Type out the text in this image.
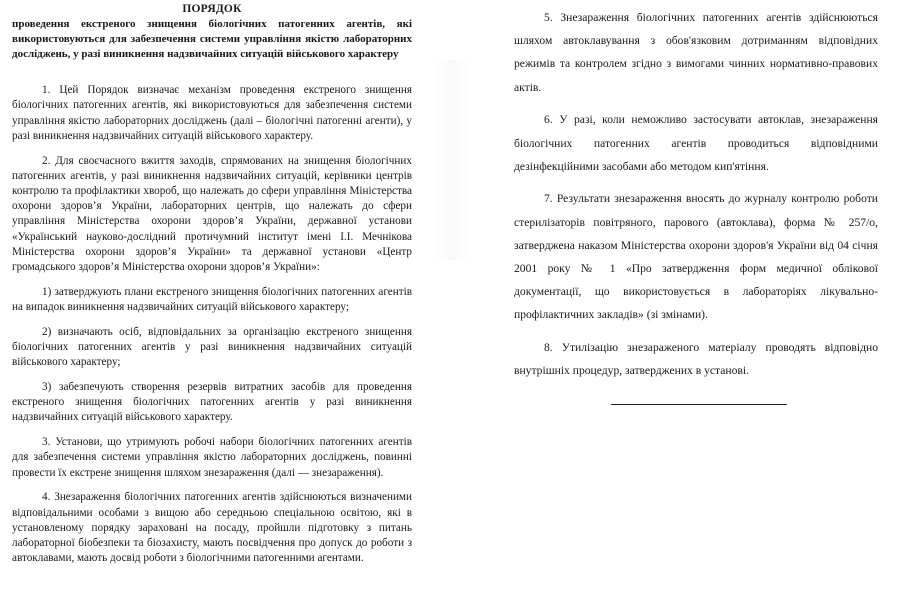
ПОРЯДОК

проведення екстреного знищення біологічних патогенних агентів, які використовуються для забезпечення системи управління якістю лабораторних досліджень, у разі виникнення надзвичайних ситуацій військового характеру

1. Цей Порядок визначає механізм проведення екстреного знищення біологічних патогенних агентів, які використовуються для забезпечення системи управління якістю лабораторних досліджень (далі – біологічні патогенні агенти), у разі виникнення надзвичайних ситуацій військового характеру.

2. Для своєчасного вжиття заходів, спрямованих на знищення біологічних патогенних агентів, у разі виникнення надзвичайних ситуацій, керівники центрів контролю та профілактики хвороб, що належать до сфери управління Міністерства охорони здоров’я України, лабораторних центрів, що належать до сфери управління Міністерства охорони здоров’я України, державної установи «Український науково-дослідний протичумний інститут імені І.І. Мечнікова Міністерства охорони здоров’я України» та державної установи «Центр громадського здоров’я Міністерства охорони здоров’я України»:

1) затверджують плани екстреного знищення біологічних патогенних агентів на випадок виникнення надзвичайних ситуацій військового характеру;

2) визначають осіб, відповідальних за організацію екстреного знищення біологічних патогенних агентів у разі виникнення надзвичайних ситуацій військового характеру;

3) забезпечують створення резервів витратних засобів для проведення екстреного знищення біологічних патогенних агентів у разі виникнення надзвичайних ситуацій військового характеру.

3. Установи, що утримують робочі набори біологічних патогенних агентів для забезпечення системи управління якістю лабораторних досліджень, повинні провести їх екстрене знищення шляхом знезараження (далі — знезараження).

4. Знезараження біологічних патогенних агентів здійснюються визначеними відповідальними особами з вищою або середньою спеціальною освітою, які в установленому порядку зараховані на посаду, пройшли підготовку з питань лабораторної біобезпеки та біозахисту, мають посвідчення про допуск до роботи з автоклавами, мають досвід роботи з біологічними патогенними агентами.

5. Знезараження біологічних патогенних агентів здійснюються шляхом автоклавування з обов'язковим дотриманням відповідних режимів та контролем згідно з вимогами чинних нормативно-правових актів.

6. У разі, коли неможливо застосувати автоклав, знезараження біологічних патогенних агентів проводиться відповідними дезінфекційними засобами або методом кип'ятіння.

7. Результати знезараження вносять до журналу контролю роботи стерилізаторів повітряного, парового (автоклава), форма № 257/о, затверджена наказом Міністерства охорони здоров'я України від 04 січня 2001 року № 1 «Про затвердження форм медичної облікової документації, що використовується в лабораторіях лікувально-профілактичних закладів» (зі змінами).

8. Утилізацію знезараженого матеріалу проводять відповідно внутрішніх процедур, затверджених в установі.
